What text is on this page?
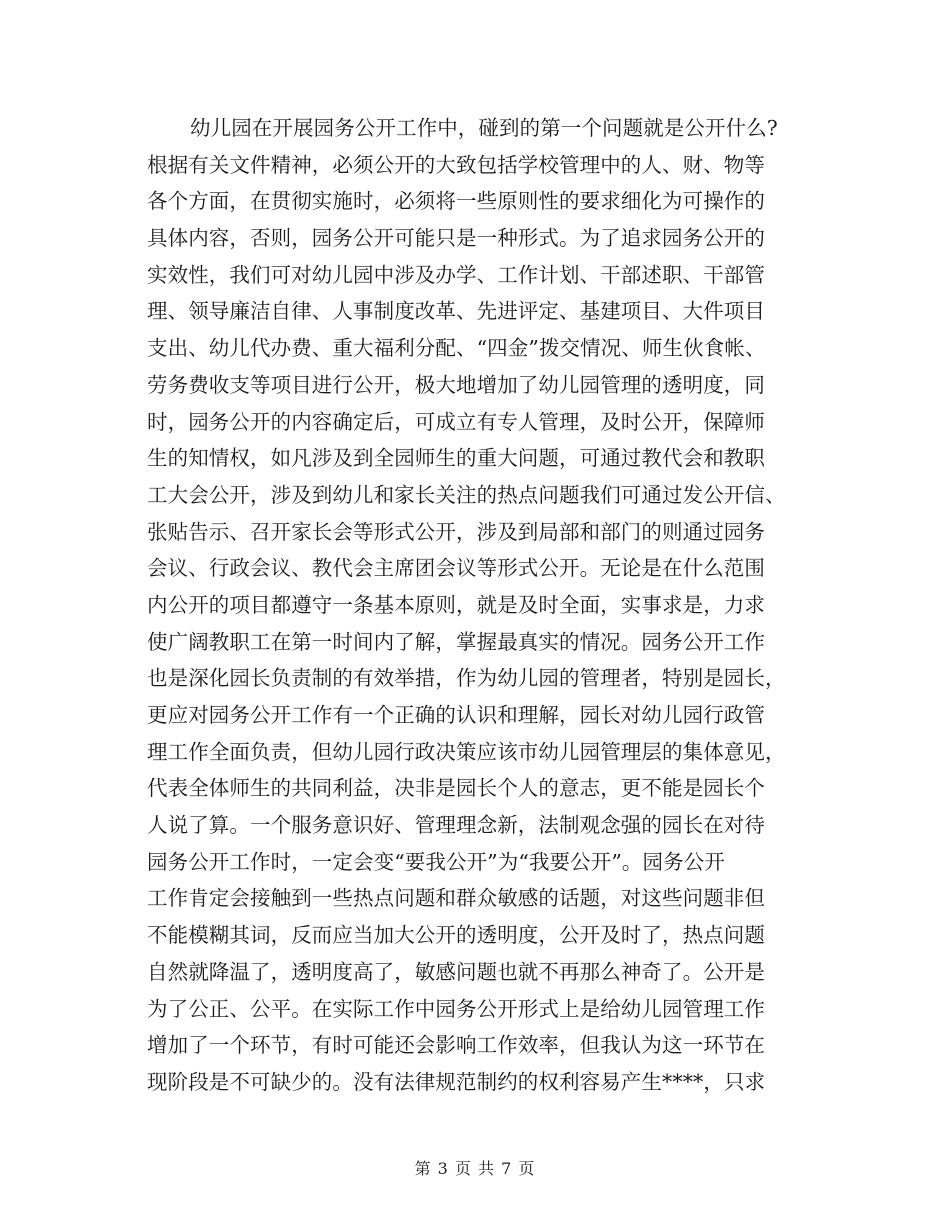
幼儿园在开展园务公开工作中，碰到的第一个问题就是公开什么?
根据有关文件精神，必须公开的大致包括学校管理中的人、财、物等
各个方面，在贯彻实施时，必须将一些原则性的要求细化为可操作的
具体内容，否则，园务公开可能只是一种形式。为了追求园务公开的
实效性，我们可对幼儿园中涉及办学、工作计划、干部述职、干部管
理、领导廉洁自律、人事制度改革、先进评定、基建项目、大件项目
支出、幼儿代办费、重大福利分配、“四金”拨交情况、师生伙食帐、
劳务费收支等项目进行公开，极大地增加了幼儿园管理的透明度，同
时，园务公开的内容确定后，可成立有专人管理，及时公开，保障师
生的知情权，如凡涉及到全园师生的重大问题，可通过教代会和教职
工大会公开，涉及到幼儿和家长关注的热点问题我们可通过发公开信、
张贴告示、召开家长会等形式公开，涉及到局部和部门的则通过园务
会议、行政会议、教代会主席团会议等形式公开。无论是在什么范围
内公开的项目都遵守一条基本原则，就是及时全面，实事求是，力求
使广阔教职工在第一时间内了解，掌握最真实的情况。园务公开工作
也是深化园长负责制的有效举措，作为幼儿园的管理者，特别是园长，
更应对园务公开工作有一个正确的认识和理解，园长对幼儿园行政管
理工作全面负责，但幼儿园行政决策应该市幼儿园管理层的集体意见，
代表全体师生的共同利益，决非是园长个人的意志，更不能是园长个
人说了算。一个服务意识好、管理理念新，法制观念强的园长在对待
园务公开工作时，一定会变“要我公开”为“我要公开”。园务公开
工作肯定会接触到一些热点问题和群众敏感的话题，对这些问题非但
不能模糊其词，反而应当加大公开的透明度，公开及时了，热点问题
自然就降温了，透明度高了，敏感问题也就不再那么神奇了。公开是
为了公正、公平。在实际工作中园务公开形式上是给幼儿园管理工作
增加了一个环节，有时可能还会影响工作效率，但我认为这一环节在
现阶段是不可缺少的。没有法律规范制约的权利容易产生****，只求
第 3 页 共 7 页
